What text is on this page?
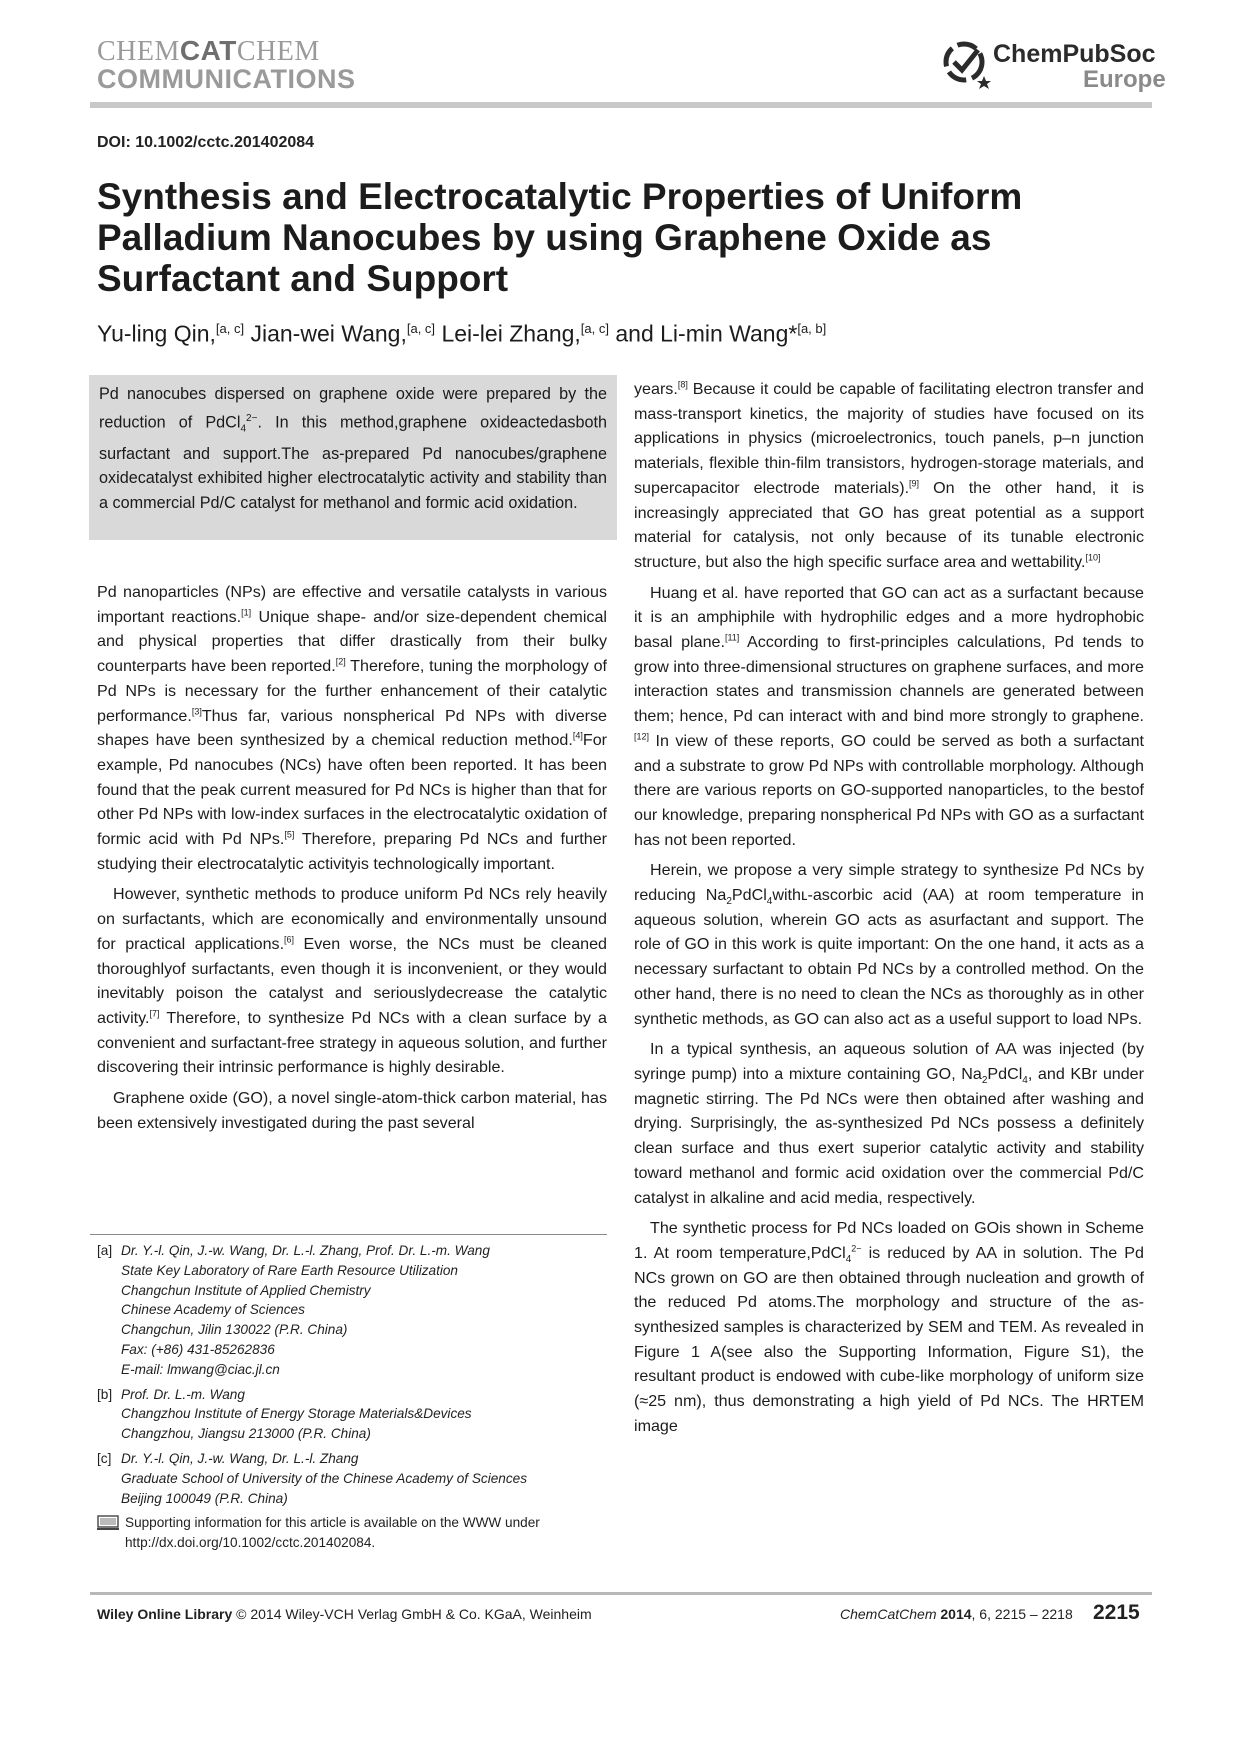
CHEMCATCHEM
COMMUNICATIONS
ChemPubSoc
Europe
DOI: 10.1002/cctc.201402084
Synthesis and Electrocatalytic Properties of Uniform Palladium Nanocubes by using Graphene Oxide as Surfactant and Support
Yu-ling Qin,[a, c] Jian-wei Wang,[a, c] Lei-lei Zhang,[a, c] and Li-min Wang*[a, b]

Pd nanocubes dispersed on graphene oxide were prepared by the reduction of PdCl$_4^{2-}$. In this method,graphene oxideactedasboth surfactant and support.The as-prepared Pd nanocubes/graphene oxidecatalyst exhibited higher electrocatalytic activity and stability than a commercial Pd/C catalyst for methanol and formic acid oxidation.

Pd nanoparticles (NPs) are effective and versatile catalysts in various important reactions.[1] Unique shape- and/or size-dependent chemical and physical properties that differ drastically from their bulky counterparts have been reported.[2] Therefore, tuning the morphology of Pd NPs is necessary for the further enhancement of their catalytic performance.[3]Thus far, various nonspherical Pd NPs with diverse shapes have been synthesized by a chemical reduction method.[4]For example, Pd nanocubes (NCs) have often been reported. It has been found that the peak current measured for Pd NCs is higher than that for other Pd NPs with low-index surfaces in the electrocatalytic oxidation of formic acid with Pd NPs.[5] Therefore, preparing Pd NCs and further studying their electrocatalytic activityis technologically important.

However, synthetic methods to produce uniform Pd NCs rely heavily on surfactants, which are economically and environmentally unsound for practical applications.[6] Even worse, the NCs must be cleaned thoroughlyof surfactants, even though it is inconvenient, or they would inevitably poison the catalyst and seriouslydecrease the catalytic activity.[7] Therefore, to synthesize Pd NCs with a clean surface by a convenient and surfactant-free strategy in aqueous solution, and further discovering their intrinsic performance is highly desirable.

Graphene oxide (GO), a novel single-atom-thick carbon material, has been extensively investigated during the past several

years.[8] Because it could be capable of facilitating electron transfer and mass-transport kinetics, the majority of studies have focused on its applications in physics (microelectronics, touch panels, p–n junction materials, flexible thin-film transistors, hydrogen-storage materials, and supercapacitor electrode materials).[9] On the other hand, it is increasingly appreciated that GO has great potential as a support material for catalysis, not only because of its tunable electronic structure, but also the high specific surface area and wettability.[10]

Huang et al. have reported that GO can act as a surfactant because it is an amphiphile with hydrophilic edges and a more hydrophobic basal plane.[11] According to first-principles calculations, Pd tends to grow into three-dimensional structures on graphene surfaces, and more interaction states and transmission channels are generated between them; hence, Pd can interact with and bind more strongly to graphene.[12] In view of these reports, GO could be served as both a surfactant and a substrate to grow Pd NPs with controllable morphology. Although there are various reports on GO-supported nanoparticles, to the bestof our knowledge, preparing nonspherical Pd NPs with GO as a surfactant has not been reported.

Herein, we propose a very simple strategy to synthesize Pd NCs by reducing $Na_2PdCl_4withʟ$-ascorbic acid (AA) at room temperature in aqueous solution, wherein GO acts as asurfactant and support. The role of GO in this work is quite important: On the one hand, it acts as a necessary surfactant to obtain Pd NCs by a controlled method. On the other hand, there is no need to clean the NCs as thoroughly as in other synthetic methods, as GO can also act as a useful support to load NPs.

In a typical synthesis, an aqueous solution of AA was injected (by syringe pump) into a mixture containing GO, $Na_2PdCl_4$, and KBr under magnetic stirring. The Pd NCs were then obtained after washing and drying. Surprisingly, the as-synthesized Pd NCs possess a definitely clean surface and thus exert superior catalytic activity and stability toward methanol and formic acid oxidation over the commercial Pd/C catalyst in alkaline and acid media, respectively.

The synthetic process for Pd NCs loaded on GOis shown in Scheme 1. At room temperature,PdCl$_4^{2-}$ is reduced by AA in solution. The Pd NCs grown on GO are then obtained through nucleation and growth of the reduced Pd atoms.The morphology and structure of the as-synthesized samples is characterized by SEM and TEM. As revealed in Figure 1 A(see also the Supporting Information, Figure S1), the resultant product is endowed with cube-like morphology of uniform size (≈25 nm), thus demonstrating a high yield of Pd NCs. The HRTEM image

[a] Dr. Y.-l. Qin, J.-w. Wang, Dr. L.-l. Zhang, Prof. Dr. L.-m. Wang
State Key Laboratory of Rare Earth Resource Utilization
Changchun Institute of Applied Chemistry
Chinese Academy of Sciences
Changchun, Jilin 130022 (P.R. China)
Fax: (+86) 431-85262836
E-mail: lmwang@ciac.jl.cn
[b] Prof. Dr. L.-m. Wang
Changzhou Institute of Energy Storage Materials&Devices
Changzhou, Jiangsu 213000 (P.R. China)
[c] Dr. Y.-l. Qin, J.-w. Wang, Dr. L.-l. Zhang
Graduate School of University of the Chinese Academy of Sciences
Beijing 100049 (P.R. China)
Supporting information for this article is available on the WWW under
http://dx.doi.org/10.1002/cctc.201402084.
Wiley Online Library © 2014 Wiley-VCH Verlag GmbH & Co. KGaA, Weinheim	ChemCatChem 2014, 6, 2215 – 2218 2215
